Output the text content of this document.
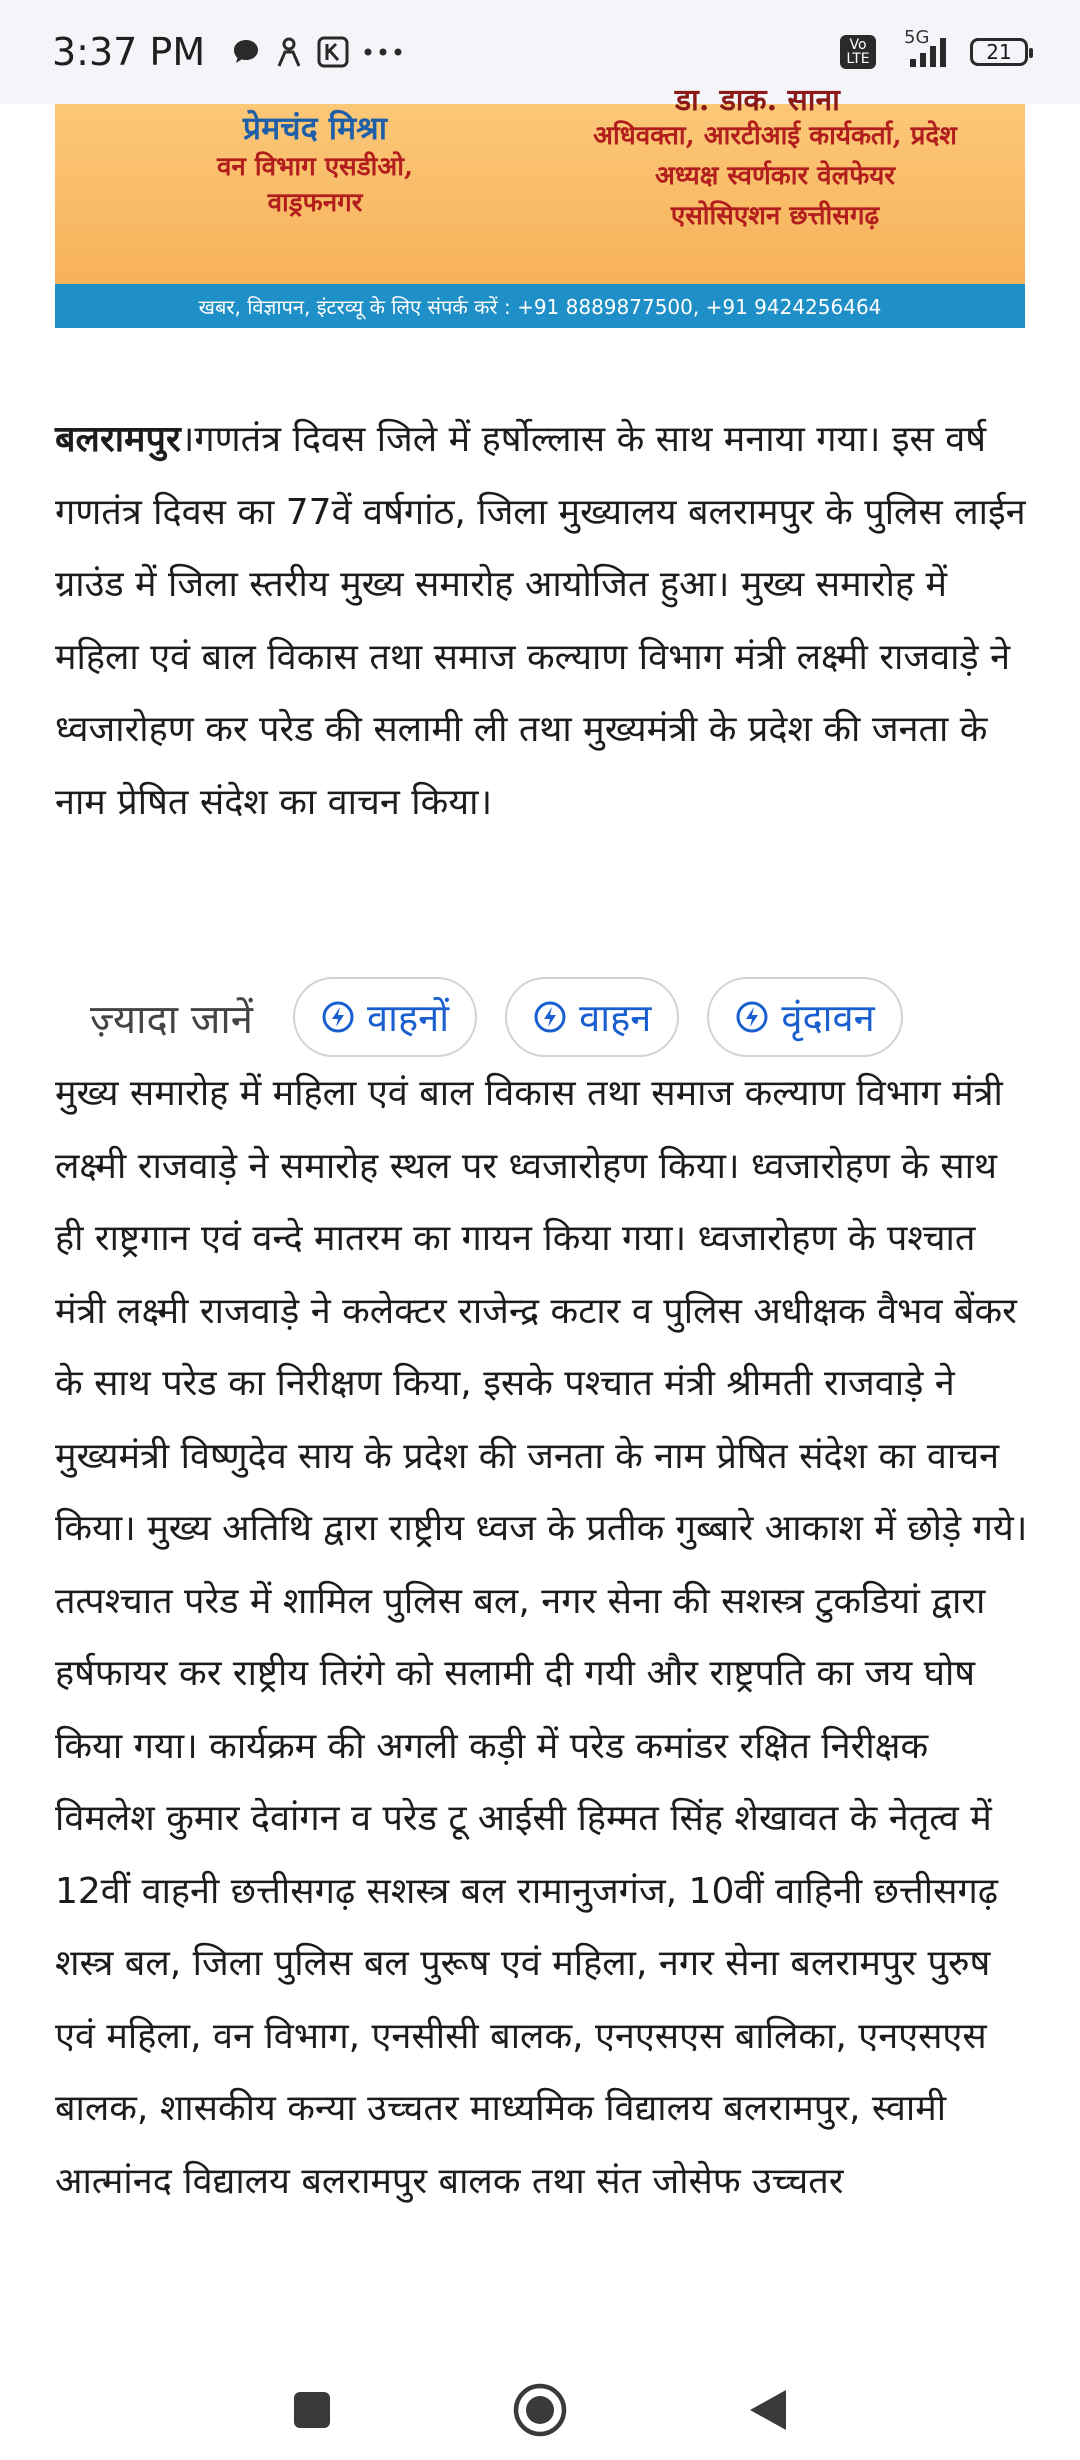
3:37 PM	Vo LTE
5G
21
डा. डाक. साना
प्रेमचंद मिश्रा
वन विभाग एसडीओ,
वाड्रफनगर
अधिवक्ता, आरटीआई कार्यकर्ता, प्रदेश
अध्यक्ष स्वर्णकार वेलफेयर
एसोसिएशन छत्तीसगढ़
खबर, विज्ञापन, इंटरव्यू के लिए संपर्क करें : +91 8889877500, +91 9424256464

बलरामपुर।गणतंत्र दिवस जिले में हर्षोल्लास के साथ मनाया गया। इस वर्ष गणतंत्र दिवस का 77वें वर्षगांठ, जिला मुख्यालय बलरामपुर के पुलिस लाईन ग्राउंड में जिला स्तरीय मुख्य समारोह आयोजित हुआ। मुख्य समारोह में महिला एवं बाल विकास तथा समाज कल्याण विभाग मंत्री लक्ष्मी राजवाड़े ने ध्वजारोहण कर परेड की सलामी ली तथा मुख्यमंत्री के प्रदेश की जनता के नाम प्रेषित संदेश का वाचन किया।

ज़्यादा जानें	वाहनों	वाहन	वृंदावन

मुख्य समारोह में महिला एवं बाल विकास तथा समाज कल्याण विभाग मंत्री लक्ष्मी राजवाड़े ने समारोह स्थल पर ध्वजारोहण किया। ध्वजारोहण के साथ ही राष्ट्रगान एवं वन्दे मातरम का गायन किया गया। ध्वजारोहण के पश्चात मंत्री लक्ष्मी राजवाड़े ने कलेक्टर राजेन्द्र कटार व पुलिस अधीक्षक वैभव बेंकर के साथ परेड का निरीक्षण किया, इसके पश्चात मंत्री श्रीमती राजवाड़े ने मुख्यमंत्री विष्णुदेव साय के प्रदेश की जनता के नाम प्रेषित संदेश का वाचन किया। मुख्य अतिथि द्वारा राष्ट्रीय ध्वज के प्रतीक गुब्बारे आकाश में छोड़े गये। तत्पश्चात परेड में शामिल पुलिस बल, नगर सेना की सशस्त्र टुकडियां द्वारा हर्षफायर कर राष्ट्रीय तिरंगे को सलामी दी गयी और राष्ट्रपति का जय घोष किया गया। कार्यक्रम की अगली कड़ी में परेड कमांडर रक्षित निरीक्षक विमलेश कुमार देवांगन व परेड टू आईसी हिम्मत सिंह शेखावत के नेतृत्व में 12वीं वाहनी छत्तीसगढ़ सशस्त्र बल रामानुजगंज, 10वीं वाहिनी छत्तीसगढ़ शस्त्र बल, जिला पुलिस बल पुरूष एवं महिला, नगर सेना बलरामपुर पुरुष एवं महिला, वन विभाग, एनसीसी बालक, एनएसएस बालिका, एनएसएस बालक, शासकीय कन्या उच्चतर माध्यमिक विद्यालय बलरामपुर, स्वामी आत्मांनद विद्यालय बलरामपुर बालक तथा संत जोसेफ उच्चतर
